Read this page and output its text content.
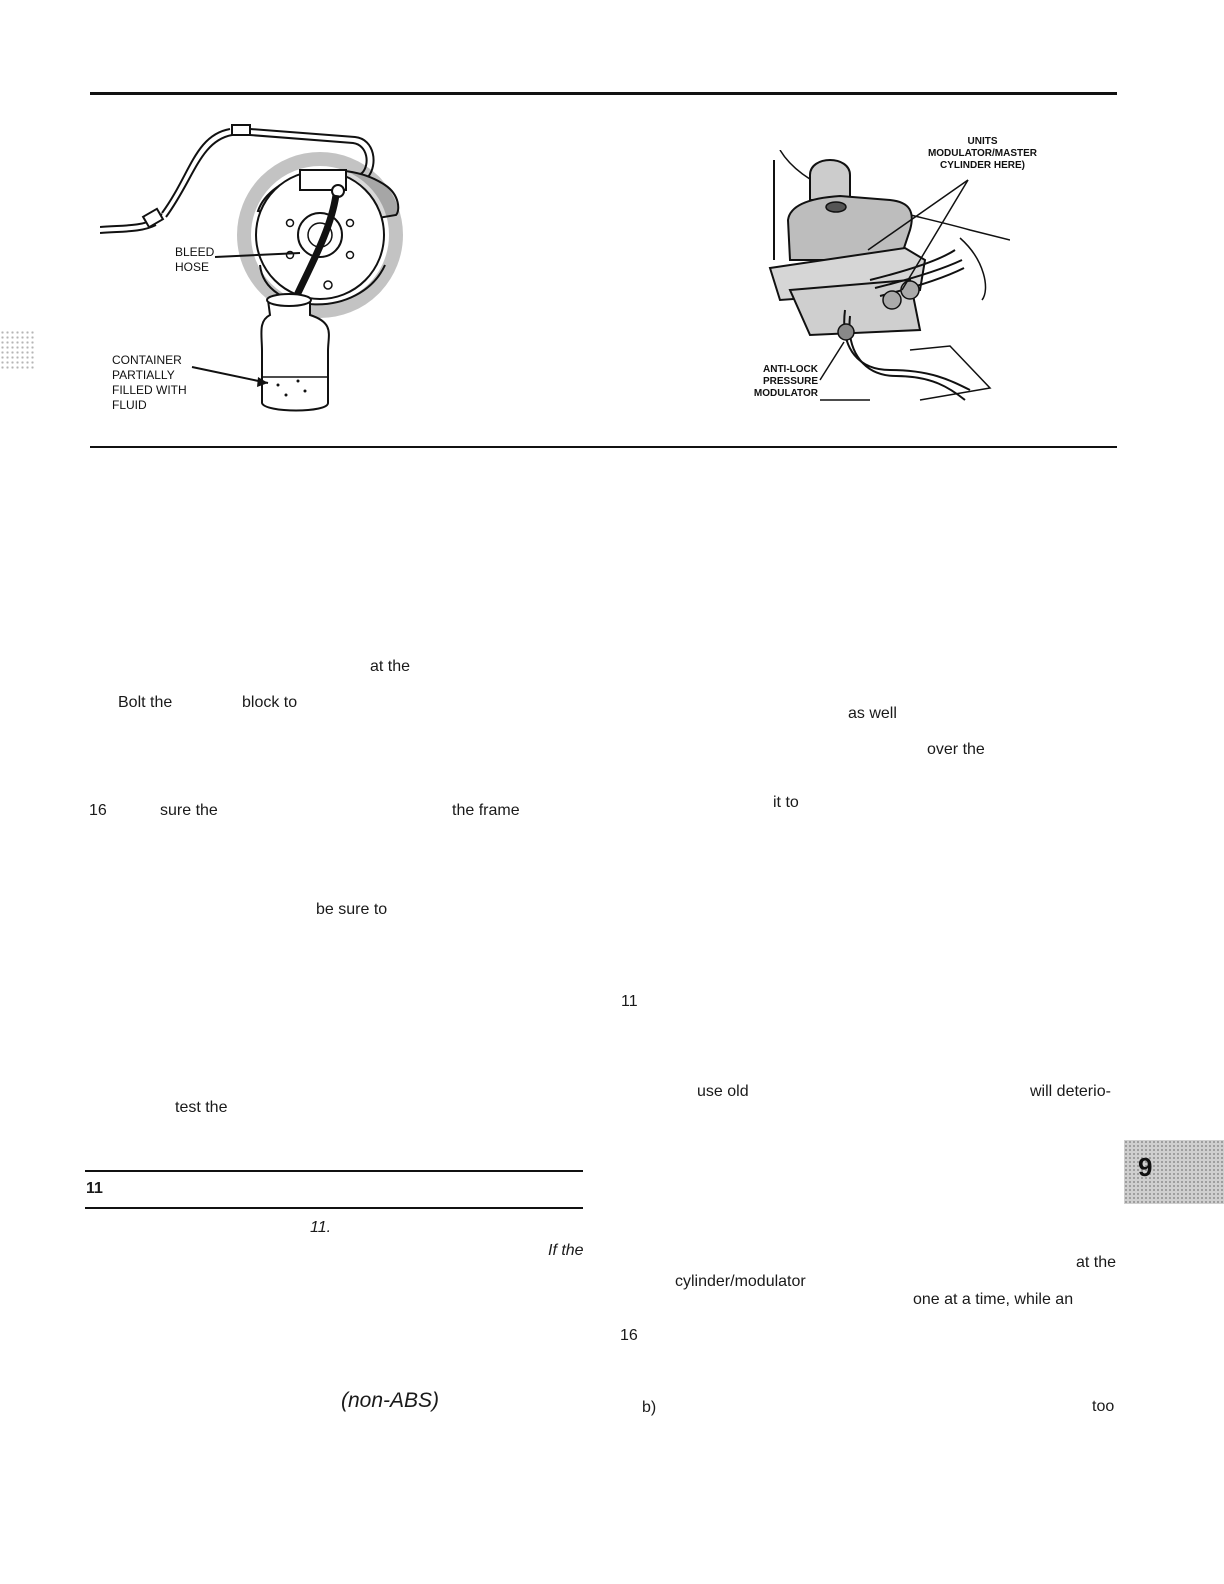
BLEED
HOSE
CONTAINER
PARTIALLY
FILLED WITH
FLUID
UNITS
MODULATOR/MASTER
CYLINDER HERE)
ANTI-LOCK
PRESSURE
MODULATOR
at the
Bolt the	block to
16	sure the	the frame
be sure to
test the
11
11.
If the
(non-ABS)
as well
over the
it to
11
use old	will deterio-
at the
cylinder/modulator
one at a time, while an
16
b)	too
9
